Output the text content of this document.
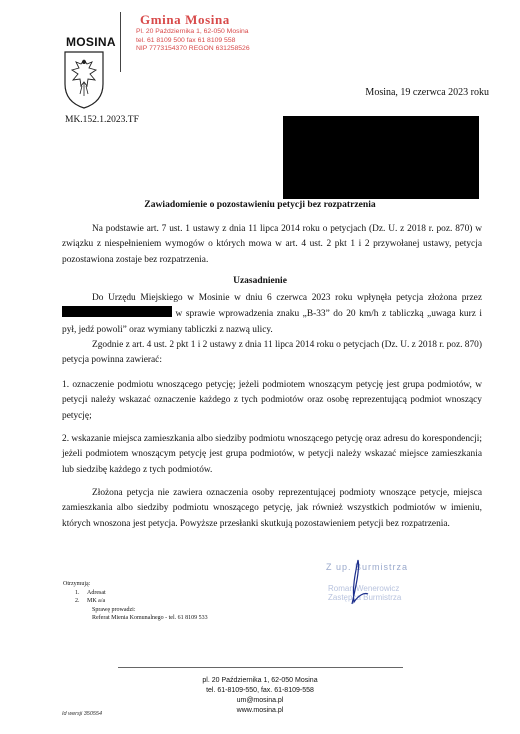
MOSINA
Gmina Mosina
Pl. 20 Października 1, 62-050 Mosina
tel. 61 8109 500 fax 61 8109 558
NIP 7773154370 REGON 631258526
Mosina, 19 czerwca 2023 roku
MK.152.1.2023.TF
Zawiadomienie o pozostawieniu petycji bez rozpatrzenia
Na podstawie art. 7 ust. 1 ustawy z dnia 11 lipca 2014 roku o petycjach (Dz. U. z 2018 r. poz. 870) w związku z niespełnieniem wymogów o których mowa w art. 4 ust. 2 pkt 1 i 2 przywołanej ustawy, petycja pozostawiona zostaje bez rozpatrzenia.
Uzasadnienie
Do Urzędu Miejskiego w Mosinie w dniu 6 czerwca 2023 roku wpłynęła petycja złożona przez  w sprawie wprowadzenia znaku „B-33” do 20 km/h z tabliczką „uwaga kurz i pył, jedź powoli” oraz wymiany tabliczki z nazwą ulicy.
Zgodnie z art. 4 ust. 2 pkt 1 i 2 ustawy z dnia 11 lipca 2014 roku o petycjach (Dz. U. z 2018 r. poz. 870) petycja powinna zawierać:
1. oznaczenie podmiotu wnoszącego petycję; jeżeli podmiotem wnoszącym petycję jest grupa podmiotów, w petycji należy wskazać oznaczenie każdego z tych podmiotów oraz osobę reprezentującą podmiot wnoszący petycję;
2. wskazanie miejsca zamieszkania albo siedziby podmiotu wnoszącego petycję oraz adresu do korespondencji; jeżeli podmiotem wnoszącym petycję jest grupa podmiotów, w petycji należy wskazać miejsce zamieszkania lub siedzibę każdego z tych podmiotów.
Złożona petycja nie zawiera oznaczenia osoby reprezentującej podmioty wnoszące petycje, miejsca zamieszkania albo siedziby podmiotu wnoszącego petycję, jak również wszystkich podmiotów w imieniu, których wnoszona jest petycja. Powyższe przesłanki skutkują pozostawieniem petycji bez rozpatrzenia.
Z up. Burmistrza
Roman Wenerowicz
Zastępca Burmistrza
Otrzymują:
1. Adresat
2. MK a/a
Sprawę prowadzi:
Referat Mienia Komunalnego - tel. 61 8109 533
pl. 20 Października 1, 62-050 Mosina
tel. 61-8109-550, fax. 61-8109-558
um@mosina.pl
www.mosina.pl
Id wersji 350554
